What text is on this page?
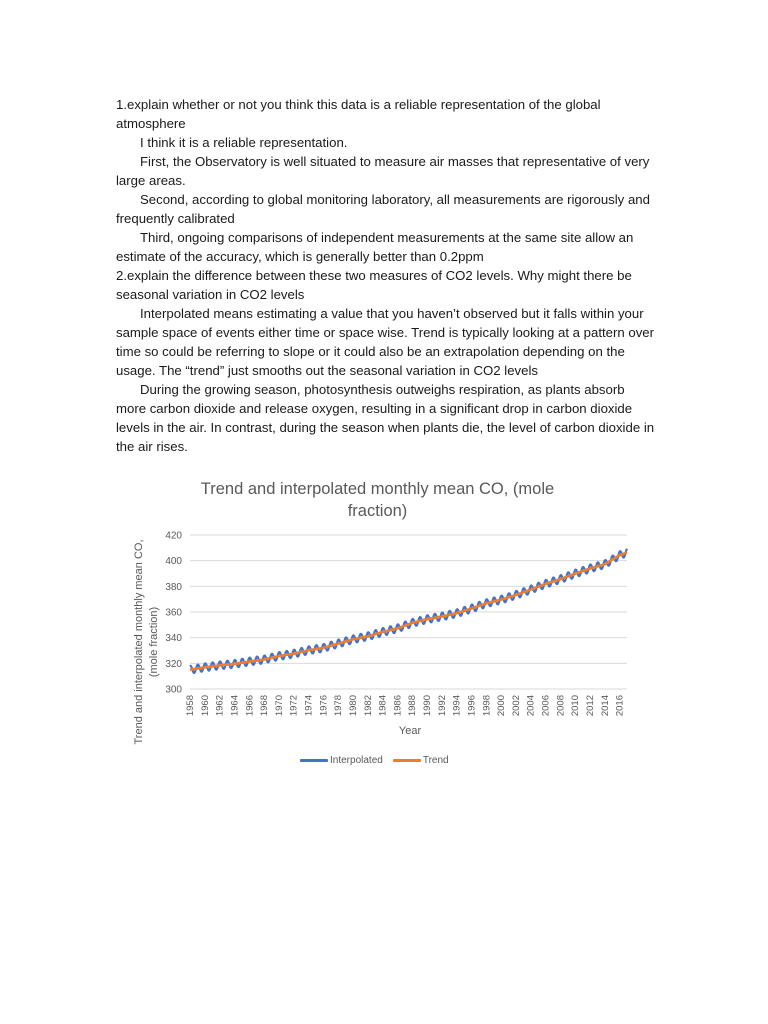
1.explain whether or not you think this data is a reliable representation of the global atmosphere

I think it is a reliable representation.

First, the Observatory is well situated to measure air masses that representative of very large areas.

Second, according to global monitoring laboratory, all measurements are rigorously and frequently calibrated

Third, ongoing comparisons of independent measurements at the same site allow an estimate of the accuracy, which is generally better than 0.2ppm

2.explain the difference between these two measures of CO2 levels. Why might there be seasonal variation in CO2 levels

Interpolated means estimating a value that you haven’t observed but it falls within your sample space of events either time or space wise. Trend is typically looking at a pattern over time so could be referring to slope or it could also be an extrapolation depending on the usage. The “trend” just smooths out the seasonal variation in CO2 levels

During the growing season, photosynthesis outweighs respiration, as plants absorb more carbon dioxide and release oxygen, resulting in a significant drop in carbon dioxide levels in the air. In contrast, during the season when plants die, the level of carbon dioxide in the air rises.

Trend and interpolated monthly mean CO, (mole fraction)
300
320
340
360
380
400
420
1958 1960 1962 1964 1966 1968 1970 1972 1974 1976 1978 1980 1982 1984 1986 1988 1990 1992 1994 1996 1998 2000 2002 2004 2006 2008 2010 2012 2014 2016
Year
Trend and interpolated monthly mean CO, (mole fraction)
Interpolated	Trend
